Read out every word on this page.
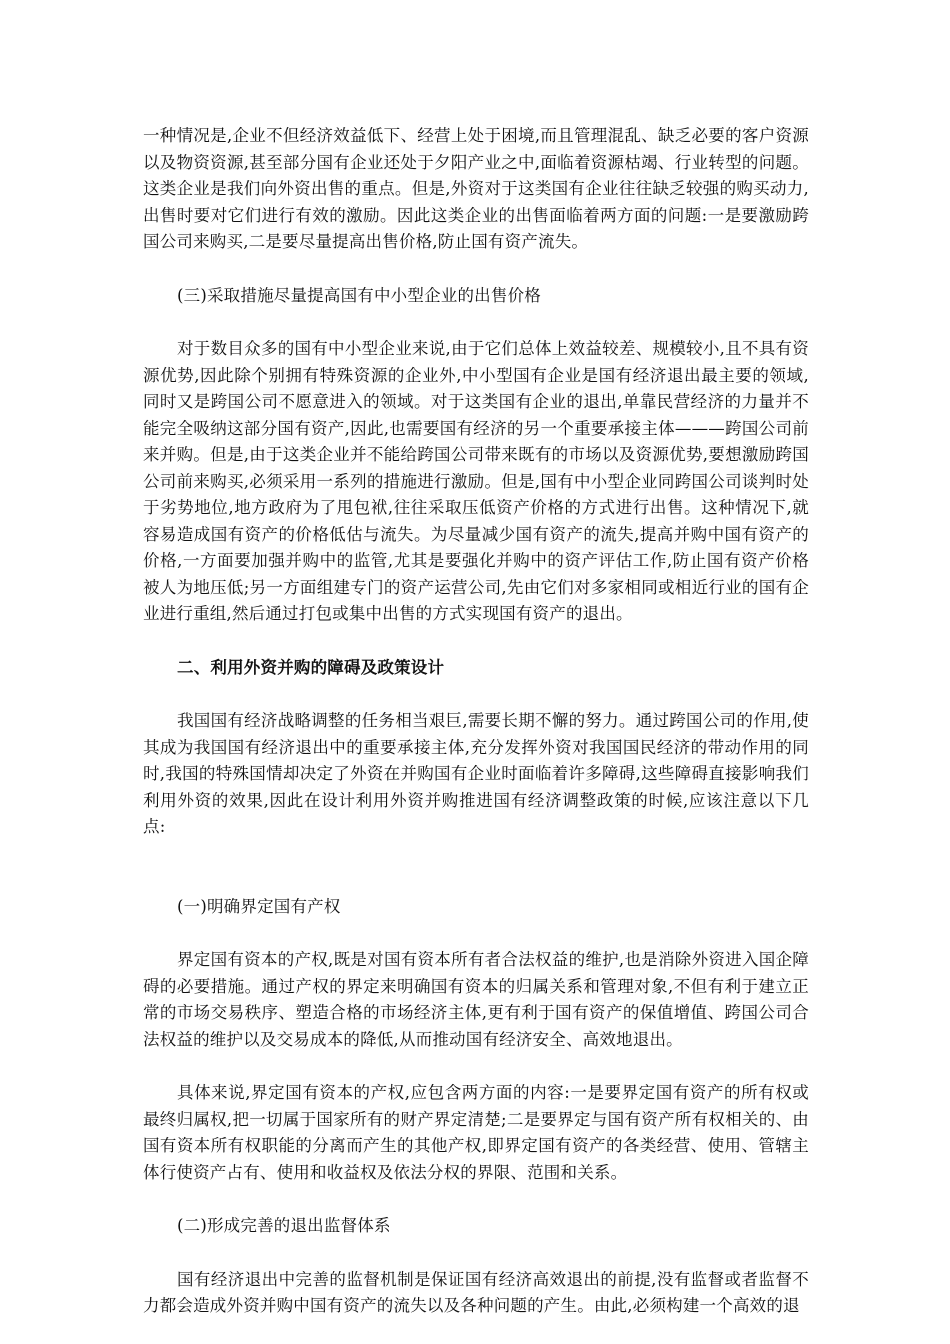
一种情况是,企业不但经济效益低下、经营上处于困境,而且管理混乱、缺乏必要的客户资源以及物资资源,甚至部分国有企业还处于夕阳产业之中,面临着资源枯竭、行业转型的问题。这类企业是我们向外资出售的重点。但是,外资对于这类国有企业往往缺乏较强的购买动力,出售时要对它们进行有效的激励。因此这类企业的出售面临着两方面的问题:一是要激励跨国公司来购买,二是要尽量提高出售价格,防止国有资产流失。

(三)采取措施尽量提高国有中小型企业的出售价格

对于数目众多的国有中小型企业来说,由于它们总体上效益较差、规模较小,且不具有资源优势,因此除个别拥有特殊资源的企业外,中小型国有企业是国有经济退出最主要的领域,同时又是跨国公司不愿意进入的领域。对于这类国有企业的退出,单靠民营经济的力量并不能完全吸纳这部分国有资产,因此,也需要国有经济的另一个重要承接主体———跨国公司前来并购。但是,由于这类企业并不能给跨国公司带来既有的市场以及资源优势,要想激励跨国公司前来购买,必须采用一系列的措施进行激励。但是,国有中小型企业同跨国公司谈判时处于劣势地位,地方政府为了甩包袱,往往采取压低资产价格的方式进行出售。这种情况下,就容易造成国有资产的价格低估与流失。为尽量减少国有资产的流失,提高并购中国有资产的价格,一方面要加强并购中的监管,尤其是要强化并购中的资产评估工作,防止国有资产价格被人为地压低;另一方面组建专门的资产运营公司,先由它们对多家相同或相近行业的国有企业进行重组,然后通过打包或集中出售的方式实现国有资产的退出。

二、利用外资并购的障碍及政策设计

我国国有经济战略调整的任务相当艰巨,需要长期不懈的努力。通过跨国公司的作用,使其成为我国国有经济退出中的重要承接主体,充分发挥外资对我国国民经济的带动作用的同时,我国的特殊国情却决定了外资在并购国有企业时面临着许多障碍,这些障碍直接影响我们利用外资的效果,因此在设计利用外资并购推进国有经济调整政策的时候,应该注意以下几点:

(一)明确界定国有产权

界定国有资本的产权,既是对国有资本所有者合法权益的维护,也是消除外资进入国企障碍的必要措施。通过产权的界定来明确国有资本的归属关系和管理对象,不但有利于建立正常的市场交易秩序、塑造合格的市场经济主体,更有利于国有资产的保值增值、跨国公司合法权益的维护以及交易成本的降低,从而推动国有经济安全、高效地退出。

具体来说,界定国有资本的产权,应包含两方面的内容:一是要界定国有资产的所有权或最终归属权,把一切属于国家所有的财产界定清楚;二是要界定与国有资产所有权相关的、由国有资本所有权职能的分离而产生的其他产权,即界定国有资产的各类经营、使用、管辖主体行使资产占有、使用和收益权及依法分权的界限、范围和关系。

(二)形成完善的退出监督体系

国有经济退出中完善的监督机制是保证国有经济高效退出的前提,没有监督或者监督不力都会造成外资并购中国有资产的流失以及各种问题的产生。由此,必须构建一个高效的退
